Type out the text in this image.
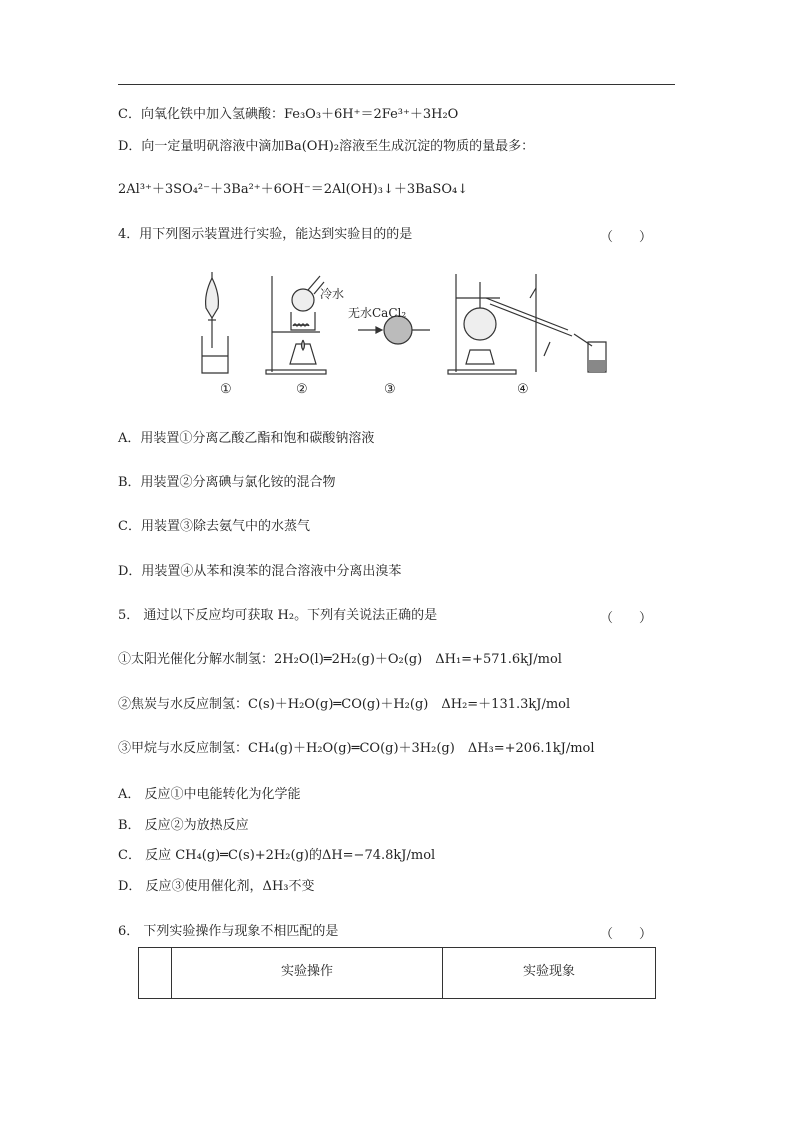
C．向氧化铁中加入氢碘酸：Fe₃O₃＋6H⁺＝2Fe³⁺＋3H₂O
D．向一定量明矾溶液中滴加Ba(OH)₂溶液至生成沉淀的物质的量最多：
2Al³⁺＋3SO₄²⁻＋3Ba²⁺＋6OH⁻＝2Al(OH)₃↓＋3BaSO₄↓
4．用下列图示装置进行实验，能达到实验目的的是	（　　）
冷水
无水CaCl₂
①	②	③	④
A．用装置①分离乙酸乙酯和饱和碳酸钠溶液
B．用装置②分离碘与氯化铵的混合物
C．用装置③除去氨气中的水蒸气
D．用装置④从苯和溴苯的混合溶液中分离出溴苯
5． 通过以下反应均可获取 H₂。下列有关说法正确的是	（　　）
①太阳光催化分解水制氢：2H₂O(l)═2H₂(g)＋O₂(g)　ΔH₁=+571.6kJ/mol
②焦炭与水反应制氢：C(s)＋H₂O(g)═CO(g)＋H₂(g)　ΔH₂=＋131.3kJ/mol
③甲烷与水反应制氢：CH₄(g)＋H₂O(g)═CO(g)＋3H₂(g)　ΔH₃=+206.1kJ/mol
A． 反应①中电能转化为化学能
B． 反应②为放热反应
C． 反应 CH₄(g)═C(s)+2H₂(g)的ΔH=−74.8kJ/mol
D． 反应③使用催化剂，ΔH₃不变
6． 下列实验操作与现象不相匹配的是	（　　）
	实验操作	实验现象
